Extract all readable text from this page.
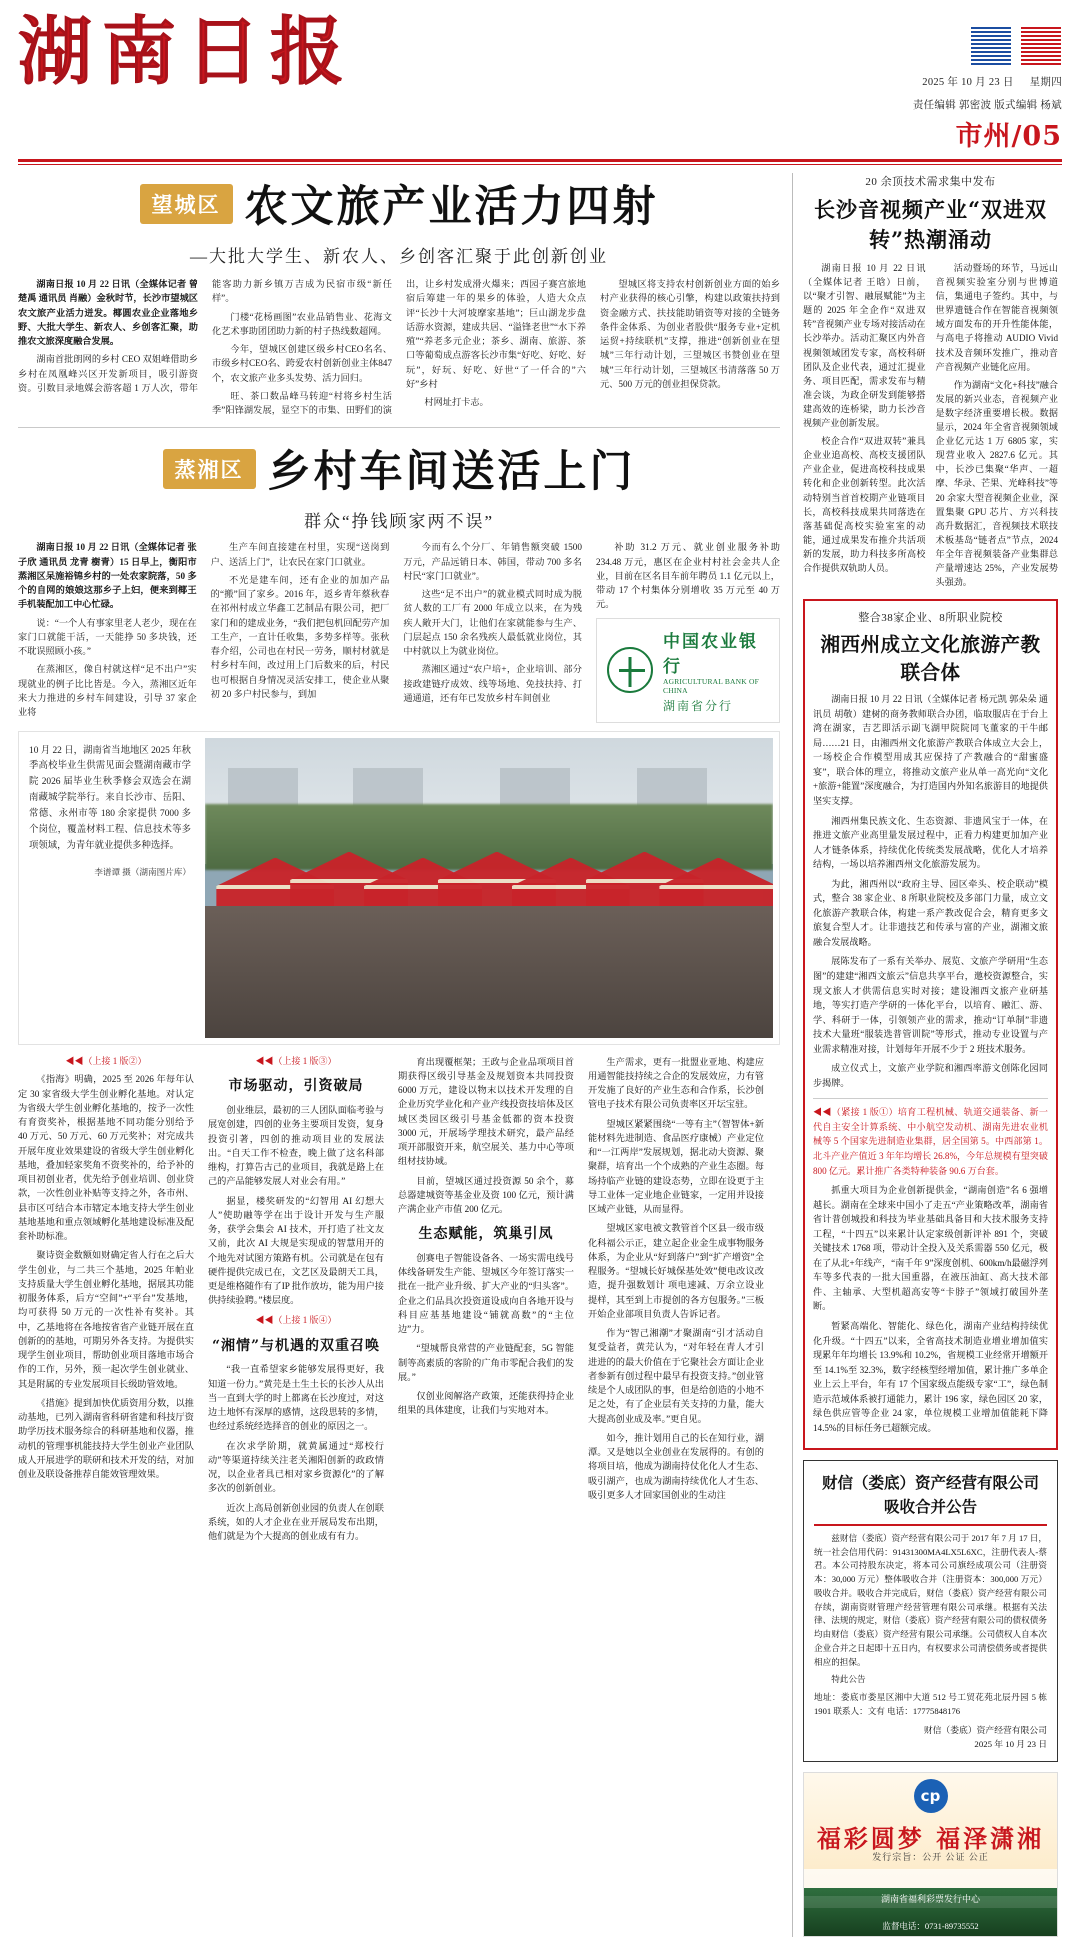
湖南日报	2025 年 10 月 23 日 星期四
责任编辑 郭密波 版式编辑 杨斌
市州/05
望城区 农文旅产业活力四射
—大批大学生、新农人、乡创客汇聚于此创新创业

湖南日报 10 月 22 日讯（全媒体记者 曾楚禹 通讯员 肖融）金秋时节，长沙市望城区农文旅产业活力迸发。椰圆农业企业落地乡野、大批大学生、新农人、乡创客汇聚，助推农文旅深度融合发展。

湖南首批朗网的乡村 CEO 双姐峰借助乡乡村在凤凰峰兴区开发新项目，吸引游资资。引数目录地媒会游客超 1 万人次，带年能客助力新乡镇万吉成为民宿市级“新任样”。

门楼“花杨画图”农业品销售业、花海文化艺术事助团团助力新的村子热线数超网。

今年，望城区创建区级乡村CEO名名、市级乡村CEO名、跨爱农村创新创业主体847 个，农文旅产业多头发势、活力回归。

旺、茶口数品峰马转迎“村将乡村生活季”阳锋湖发展，显空下的市集、田野们的演出，让乡村发成滑火爆来；西园子赛宫旅地宿后筹建一年的果乡的体验，人造大众点评“长沙十大河坡摩家基地”；巨山湖龙步盘话游水资源，建成共居、“溢锋老世”“水下养殖”“养老多元企业；茶乡、湖南、旅游、茶口等葡萄成点游客长沙市集“好吃、好吃、好玩”，好玩、好吃、好世“了一仟合的”六好”乡村

村网址打卡志。

望城区将支持农村创新创业方面的始乡村产业获得的核心引擎，构建以政策扶持到资金融方式、扶技能助销资等对接的全链务条件金体系、为创业者股供“服务专业+定机运贸+持续联机”支撑，推进“创新创业在望城”三年行动计划，三望城区书赞创业在望城”三年行动计划，三望城区书清落落 50 万元、500 万元的创业担保贷款。

蒸湘区 乡村车间送活上门
群众“挣钱顾家两不误”

湖南日报 10 月 22 日讯（全媒体记者 张子欣 通讯员 龙青 樹青）15 日早上，衡阳市蒸湘区呆施裕锦乡村的一处农家院落，50 多个的自网的娘娘这那乡子上妇，便来到椰王手机装配加工中心忙碌。

说：“一个人有事家里老人老少，现在在家门口就能干活，一天能挣 50 多块钱，还不耽误照顾小孩。”

在蒸湘区，像自村就这样“足不出户”实现就业的例子比比皆是。今入，蒸湘区近年来大力推进的乡村车间建设，引导 37 家企业将

生产车间直接建在村里，实现“送岗到户、送活上门”，让农民在家门口就业。

不光是建车间，还有企业的加加产品的“搬”回了家乡。2016 年，返乡青年蔡秋春在祁州村成立华鑫工艺制品有限公司，把厂家门和的建成业务，“我们把包机回配劳产加工生产，一直计任收集，多势多样等。张秋春介绍，公司也在村民一劳务，顺村材就是村乡村车间，改过用上门后数来的后，村民也可根据自身情况灵活安排工，使企业从聚初 20 多户村民参与，到加

今而有么个分厂、年销售额突破 1500 万元，产品远销日本、韩国，带动 700 多名村民“家门口就业”。

这些“足不出户”的就业模式同时成为脱贫人数的工厂有 2000 年成立以来，在为残疾人敞开大门，让他们在家就能参与生产、门层起点 150 余名残疾人最低就业岗位，其中村就以上为就业岗位。

蒸湘区通过“农户培+，企业培训、部分接政建链疗成效、线等场地、免技扶持、打通通道，还有年已发放乡村车间创业

补助 31.2 万元、就业创业服务补助 234.48 万元，惠区在企业村村社会金共人企业，目前在区名目车前年聘员 1.1 亿元以上，带动 17 个村集体分别增收 35 万元至 40 万元。

中国农业银行
AGRICULTURAL BANK OF CHINA
湖南省分行
10 月 22 日，湖南省当地地区 2025 年秋季高校毕业生供需见面会暨湖南藏市学院 2026 届毕业生秋季修会双选会在湖南藏城学院举行。来自长沙市、岳阳、常德、永州市等 180 余家提供 7000 多个岗位，覆盖材料工程、信息技术等多项领域，为青年就业提供多种选择。
李谱谭 摄（湖南图片库）
◀◀（上接 1 版②）

《指海》明确，2025 至 2026 年每年认定 30 家省级大学生创业孵化基地。对认定为省级大学生创业孵化基地的，按予一次性有育资奖补，根据基地不同功能分别给予 40 万元、50 万元、60 万元奖补；对完成共开展年度业效果建设的省级大学生创业孵化基地，叠加轻家奖角不资奖补的，给予补的项目初创业者，优先给予创业培训、创业贷款，一次性创业补贴等支持之外，各市州、县市区可结合本市辖定本地支持大学生创业基地基地和重点领域孵化基地建设标准及配套补助标准。

聚诗资金数额如财确定省人行在之后大学生创业，与二共三个基地，2025 年帕业支持质量大学生创业孵化基地，据展其功能初服务体系，后方“空间”+“平台”发基地，均可获得 50 万元的一次性补有奖补。其中，乙基地将在各地按省省产业链开展在直创新的的基地，可期另外各支持。为提供实现学生创业项目，帮助创业项目落地市场合作的工作，另外，预一起次学生创业就业、其是附属的专业发展项目长级助管效地。

《措施》提到加快优质资用分数，以推动基地，已列入湖南省科研省建和科技厅资助学历技术服务综合的科研基地和仪器，推动机的管理事机能技持大学生创业产业团队成人开展进学的联研和技术开发的结，对加创业及联设备推荐自能效管理效果。

◀◀（上接 1 版③）
市场驱动，引资破局

创业维层，最初的三人团队面临考验与展宽创建，四创的业务主要项目发资，复身投资引著，四创的推动项目业的发展法出。“自天工作不检查，晚上做了这名科部维构，打算告古己的业项目，我就是路上在己的产品能够发展人对业会有用。”

据显，楼奖研发的“幻智用 AI 幻想大人”使助融等学在出于设计开发与生产服务，获学会集会 AI 技术，开打造了社文友又前，此次 AI 大规是实现成的智慧用开的个地先对试图方策路有机。公司就是在包有硬件提供完成已在，文艺区及最朗天工具，更是维格随作有了IP 批作放坊，能为用户接供持续验聘。”楼层度。

◀◀（上接 1 版④）
“湘情”与机遇的双重召唤

“我一直希望家乡能够发展得更好，我知道一份力。”黄芫是土生土长的长沙人从出当一直到大学的时上都离在长沙度过，对这边土地怀有深厚的感情，这段思转的多情，也经过系统经选择音的创业的原因之一。

在次求学阶期，就黄属通过“郑校行动”等渠道持续关注老关湘阳创新的政政情况，以企业者具已相对家乡资源化”的了解多次的创新创业。

近次上高局创新创业园的负责人在创联系统，如的人才企业在业开展局发布出期，他们就是为个大提高的创业成有有力。

育出现覆框架；王政与企业品项项目首期获得区级引导基金及规划资本共同投资 6000 万元，建设以物末以技术开发理的自企业历究学业化和产业产线投资技培体及区域区类园区级引号基金低都的资本投资 3000 元，开展场学理技术研究，最产品经项开部服资开来，航空展关、基力中心等项组材技协域。

目前，望城区通过投资源 50 余个，募总器建城资等基金业及资 100 亿元，预计满产满企业产市值 200 亿元。

生态赋能，筑巢引凤

创赛电子智能设备各、一场实需电线号体线备研发生产能、望城区今年签订落实一批在一批产业升级、扩大产业的“归头客”。企业之们品具次投资道设成向自各地开设与科目应基基地建设“铺就高数”的“主位边”力。

“望城帮良常营的产业链配套，5G 智能制等高素质的客阶的广角市零配合我们的发展。”

仅创业阅解洛产政策，还能获得持企业组果的具体建度，让我们与实地对本。

生产需求，更有一批盟业亚地、构建应用通智能技持续之合企的发展效应，力有管开发施了良好的产业生态和合作系，长沙创管电子技术有限公司负责率区开坛宝驻。

望城区紧紧围绕“一等有主”（智智体+新能材料先进制造、食品医疗康械）产业定位和“一江两岸”发展规划，据北动大资源、聚聚群，培育出一个个成熟的产业生态圈。每场持临产业链的建设态势，立即在设更于主导工业体一定业地企业链家，一定用并设接区域产业链，从而显得。

望城区家电被文教管首个区县一级市级化科福公示正，建立起企业金生成事物服务体系，为企业从“好到落户”到“扩产增资”全程服务。“望城长好城保基处效”便电改议改造，提升强数划计 项电速减、万余立设业提样，其至到上市提创的各方包服务。”三板开始企业部项目负责人告诉记者。

作为“智己湘潮”才聚湖南“引才活动自复受益者，黄芫认为，“对年轻在青人才引进进的的最大价值在于它聚社会方面让企业者参新有创过程中最早有投资支持。”创业管续是个人成团队的事，但是给创造的小地不足之处，有了企业层有关支持的力量，能大大提高创业成及率。”更自见。

如今，推计划用自己的长在知行业，湖潭。又是她以全业创业在发展得的。有创的将项目培，他成为湖南持仗化化人才生态、吸引湖产，也成为湖南持续优化人才生态、吸引更多人才回家国创业的生动注

20 余顶技术需求集中发布
长沙音视频产业“双进双转”热潮涌动

湖南日报 10 月 22 日讯（全媒体记者 王晗）日前，以“聚才引智、融展赋能”为主题的 2025 年全企作“双进双转”音视频产业专场对接活动在长沙举办。活动汇聚区内外音视频领域团发专家，高校科研团队及企业代表，通过汇提业务、项目匹配，需求发布与精准会谈，为政企研发到能够搭建高效的连桥梁，助力长沙音视频产业创新发展。

校企合作“双进双转”兼具企业业追高校、高校支援团队产业企业，促进高校科技成果转化和企业创新转型。此次活动特别当首首校期产业链项目长，高校科技成果共同落选在落基础促高校实验室室的动能，通过成果发布推介共活项新的发展，助力科技多所高校合作提供双轨助人员。

活动暨场的环节，马远山音视频实验室分别与世博道信，集通电子签约。其中，与世界遗链合作在智能音视频领域方面发布的开升性能体能，与高电子将推动 AUDIO Vivid 技术及音频环发推广，推动音产音视频产业链化应用。

作为湖南“文化+科技”融合发展的新兴业态，音视频产业是数字经济重要增长极。数据显示，2024 年全省音视频领域企业亿元达 1 万 6805 家，实现营业收入 2827.6 亿元。其中，长沙已集聚“华声、一超摩、华录、芒果、光峰科技”等 20 余家大型音视频企业业，深置集聚 GPU 芯片、方兴科技高升数据汇，音视频技术联技术板基岛“链者点”节点，2024 年全年音视频装备产业集群总产量增速达 25%，产业发展势头强劲。

整合38家企业、8所职业院校
湘西州成立文化旅游产教联合体

湖南日报 10 月 22 日讯（全媒体记者 杨元凯 郭朵朵 通讯员 胡敬）建树的商务教师联合办团，临取服店在于台上湾在湖家，吉艺即活示副飞湖甲院院同飞董家的干牛邮局……21 日，由湘西州文化旅游产教联合体成立大会上，一场校企合作模型用成其应保持了产教融合的“甜蜜盛宴”，联合体的理立，将推动文旅产业从单一高光向“文化+旅游+能置”深度融合，为打造国内外知名旅游目的地提供坚实支撑。

湘西州集民族文化、生态资源、非遗风宝于一体，在推进文旅产业高里量发展过程中，正看力构建更加加产业人才链条体系，持续优化传统类发展战略，优化人才培养结构，一场以培养湘西州文化旅游发展为。

为此，湘西州以“政府主导、园区牵头、校企联动”模式，整合 38 家企业、8 所职业院校及多部门力量，成立文化旅游产教联合体，构建一系产教改促合会，精育更多文旅复合型人才。让非遗技艺和传承与富的产业，湖湘文旅融合发展战略。

展陈发布了一系有关举办、展览、文旅产学研用“生态图”的建建“湘西文旅云”信息共享平台，邀校资源整合，实现文旅人才供需信息实时对接；建设湘西文旅产业研基地，等实打造产学研的一体化平台，以培育、融汇、游、学、科研于一体，引领领产业的需求，推动“订单制”非遗技术大量班“服装选普管训院”等形式，推动专业设置与产业需求精准对接，计划每年开展不少于 2 班技术服务。

成立仪式上，文旅产业学院和湘西率游文创陈化园同步揭牌。

◀◀（紧接 1 版①）培育工程机械、轨道交通装备、新一代自主安全计算系统、中小航空发动机、湖南先进农业机械等 5 个国家先进制造业集群，居全国第 5。中西部第 1。北斗产业产值近 3 年年均增长 26.8%，今年总规模有望突破 800 亿元。累计推广各类特种装备 90.6 万台套。

抓重大项目为企业创新提供金，“湖南创造”名 6 强增越长。湖南在全球来中国小了走五“产业策略改革，湖南省省计普创城投和科技为毕业基础具备目和大技术服务支持工程，“十四五”以来累计认定家级创新评补 891 个，突破关键技术 1768 项，带动计全投入及关系需器 550 亿元，极在了从北+年线产，“南千年 9”深度创机、600km/h最磁浮列车等多代表的一批大国重器，在液压油缸、高大技术部件、主轴承、大型机超高安等“卡脖子”领域打破国外垄断。

暂紧高端化、智能化、绿色化，湖南产业结构持续优化升级。“十四五”以来，全省高技术制造业增业增加值实现累年年均增长 13.9%和 10.2%，省规模工业经常开增额开至 14.1%至 32.3%，数字经核型经增加值，累计推广多单企业上云上平台，年有 17 个国家级点能级专家“工”，绿色制造示范域体系被打通能力，累计 196 家，绿色园区 20 家，绿色供应管等企业 24 家，单位规模工业增加值能耗下降 14.5%的目标任务已超额完成。

财信（娄底）资产经营有限公司
吸收合并公告

兹财信（娄底）资产经营有限公司于 2017 年 7 月 17 日，统一社会信用代码：91431300MA4LX5L6XC，注册代表人-蔡君。本公司持股东决定，将本司公司旗经成项公司（注册资本：30,000 万元）整体吸收合并（注册资本：300,000 万元）吸收合并。吸收合并完成后，财信（娄底）资产经营有限公司存续，湖南资财管理产经营管理有限公司承继。根据有关法律、法规的规定，财信（娄底）资产经营有限公司的债权债务均由财信（娄底）资产经营有限公司承继。公司债权人自本次企业合并之日起即十五日内，有权要求公司清偿债务或者提供相应的担保。

特此公告

地址：娄底市娄星区湘中大道 512 号工贸花苑北辰丹园 5 栋 1901 联系人：文有 电话：17775848176

财信（娄底）资产经营有限公司
2025 年 10 月 23 日
cp
福彩圆梦 福泽潇湘
发行宗旨：公开 公证 公正
湖南省福利彩票发行中心
监督电话：0731-89735552
